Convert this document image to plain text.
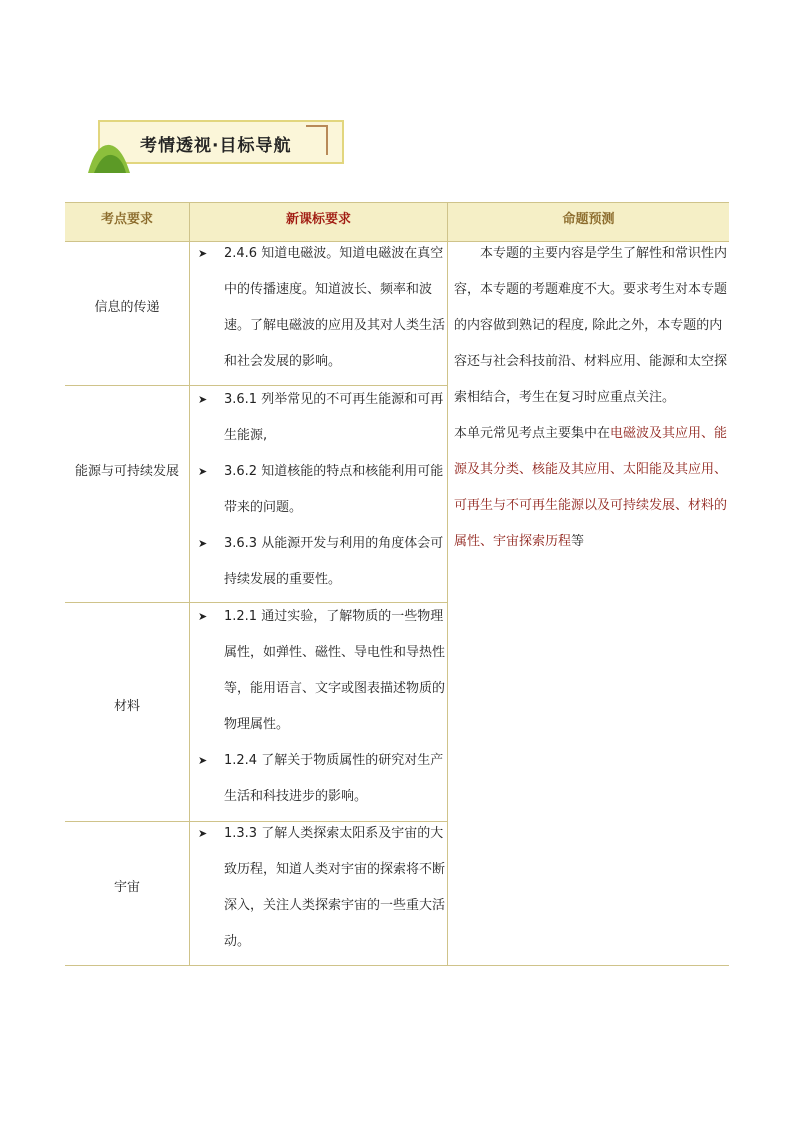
考情透视·目标导航
考点要求	新课标要求	命题预测
信息的传递
➤ 2.4.6 知道电磁波。知道电磁波在真空中的传播速度。知道波长、频率和波速。了解电磁波的应用及其对人类生活和社会发展的影响。
能源与可持续发展
➤ 3.6.1 列举常见的不可再生能源和可再生能源,
➤ 3.6.2 知道核能的特点和核能利用可能带来的问题。
➤ 3.6.3 从能源开发与利用的角度体会可持续发展的重要性。
材料
➤ 1.2.1 通过实验，了解物质的一些物理属性，如弹性、磁性、导电性和导热性等，能用语言、文字或图表描述物质的物理属性。
➤ 1.2.4 了解关于物质属性的研究对生产生活和科技进步的影响。
宇宙
➤ 1.3.3 了解人类探索太阳系及宇宙的大致历程，知道人类对宇宙的探索将不断深入，关注人类探索宇宙的一些重大活动。

本专题的主要内容是学生了解性和常识性内容，本专题的考题难度不大。要求考生对本专题的内容做到熟记的程度, 除此之外，本专题的内容还与社会科技前沿、材料应用、能源和太空探索相结合，考生在复习时应重点关注。

本单元常见考点主要集中在电磁波及其应用、能源及其分类、核能及其应用、太阳能及其应用、可再生与不可再生能源以及可持续发展、材料的属性、宇宙探索历程等
